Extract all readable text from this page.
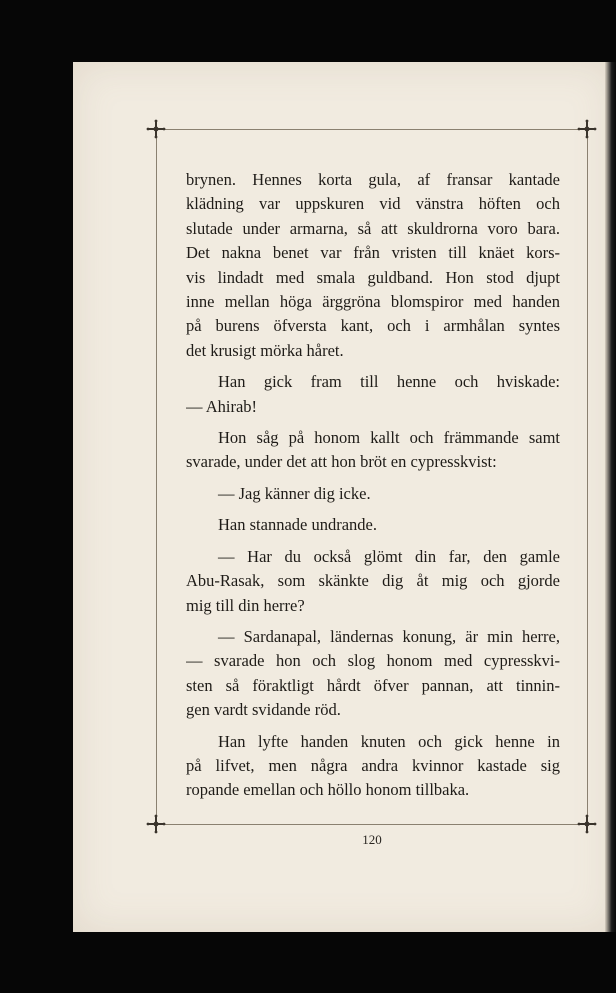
brynen. Hennes korta gula, af fransar kantade
klädning var uppskuren vid vänstra höften och
slutade under armarna, så att skuldrorna voro bara.
Det nakna benet var från vristen till knäet kors-
vis lindadt med smala guldband. Hon stod djupt
inne mellan höga ärggröna blomspiror med handen
på burens öfversta kant, och i armhålan syntes
det krusigt mörka håret.
Han gick fram till henne och hviskade:
— Ahirab!
Hon såg på honom kallt och främmande samt
svarade, under det att hon bröt en cypresskvist:
— Jag känner dig icke.
Han stannade undrande.
— Har du också glömt din far, den gamle
Abu-Rasak, som skänkte dig åt mig och gjorde
mig till din herre?
— Sardanapal, ländernas konung, är min herre,
— svarade hon och slog honom med cypresskvi-
sten så föraktligt hårdt öfver pannan, att tinnin-
gen vardt svidande röd.
Han lyfte handen knuten och gick henne in
på lifvet, men några andra kvinnor kastade sig
ropande emellan och höllo honom tillbaka.
120
